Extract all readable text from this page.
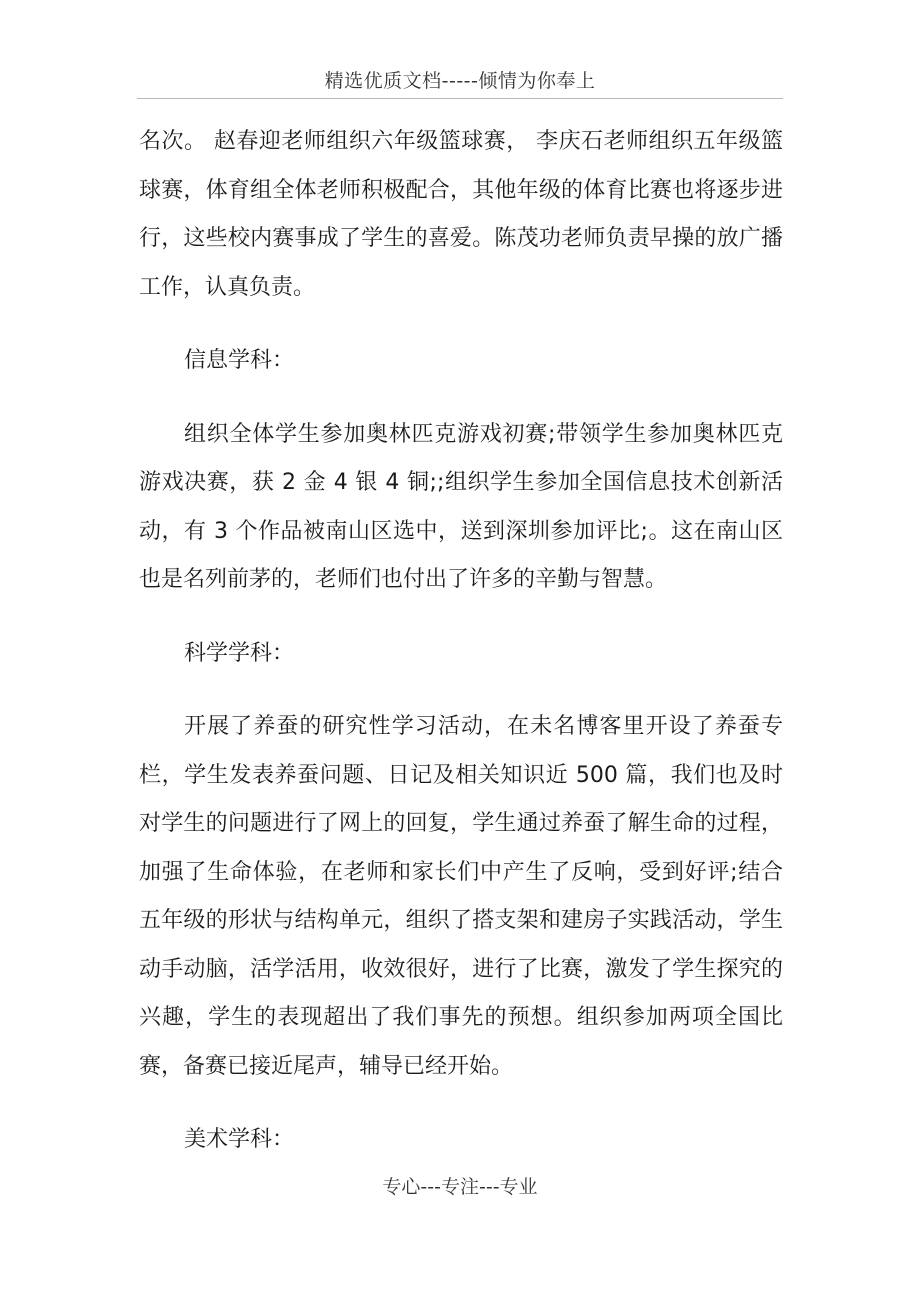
精选优质文档-----倾情为你奉上

名次。 赵春迎老师组织六年级篮球赛， 李庆石老师组织五年级篮球赛，体育组全体老师积极配合，其他年级的体育比赛也将逐步进行，这些校内赛事成了学生的喜爱。陈茂功老师负责早操的放广播工作，认真负责。

信息学科：

组织全体学生参加奥林匹克游戏初赛;带领学生参加奥林匹克游戏决赛，获 2 金 4 银 4 铜;;组织学生参加全国信息技术创新活动，有 3 个作品被南山区选中，送到深圳参加评比;。这在南山区也是名列前茅的，老师们也付出了许多的辛勤与智慧。

科学学科：

开展了养蚕的研究性学习活动，在未名博客里开设了养蚕专栏，学生发表养蚕问题、日记及相关知识近 500 篇，我们也及时对学生的问题进行了网上的回复，学生通过养蚕了解生命的过程，加强了生命体验，在老师和家长们中产生了反响，受到好评;结合五年级的形状与结构单元，组织了搭支架和建房子实践活动，学生动手动脑，活学活用，收效很好，进行了比赛，激发了学生探究的兴趣，学生的表现超出了我们事先的预想。组织参加两项全国比赛，备赛已接近尾声，辅导已经开始。

美术学科：

专心---专注---专业
